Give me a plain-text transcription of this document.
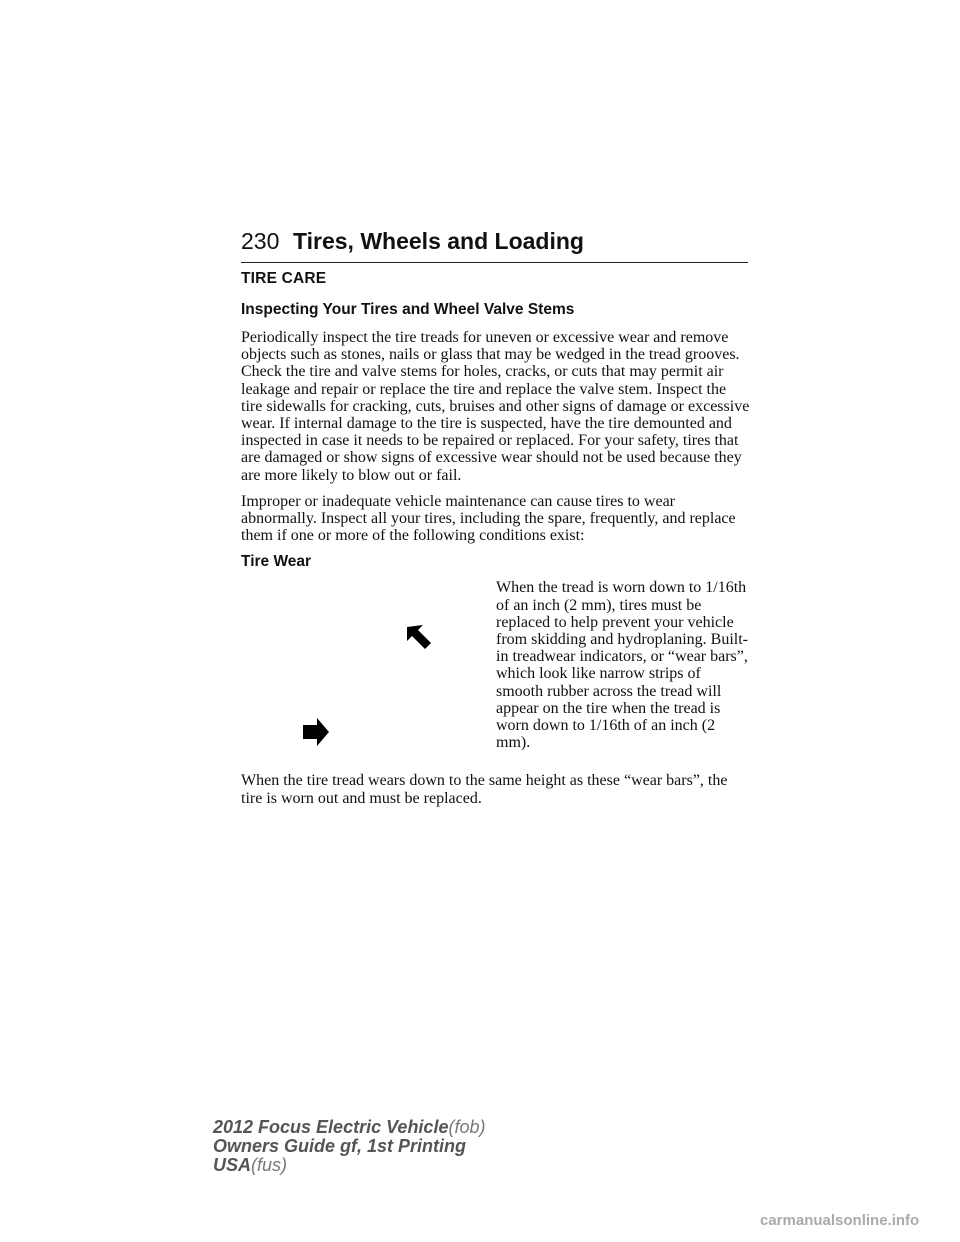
230 Tires, Wheels and Loading
TIRE CARE
Inspecting Your Tires and Wheel Valve Stems

Periodically inspect the tire treads for uneven or excessive wear and remove objects such as stones, nails or glass that may be wedged in the tread grooves. Check the tire and valve stems for holes, cracks, or cuts that may permit air leakage and repair or replace the tire and replace the valve stem. Inspect the tire sidewalls for cracking, cuts, bruises and other signs of damage or excessive wear. If internal damage to the tire is suspected, have the tire demounted and inspected in case it needs to be repaired or replaced. For your safety, tires that are damaged or show signs of excessive wear should not be used because they are more likely to blow out or fail.

Improper or inadequate vehicle maintenance can cause tires to wear abnormally. Inspect all your tires, including the spare, frequently, and replace them if one or more of the following conditions exist:

Tire Wear

When the tread is worn down to 1/16th of an inch (2 mm), tires must be replaced to help prevent your vehicle from skidding and hydroplaning. Built-in treadwear indicators, or “wear bars”, which look like narrow strips of smooth rubber across the tread will appear on the tire when the tread is worn down to 1/16th of an inch (2 mm).

When the tire tread wears down to the same height as these “wear bars”, the tire is worn out and must be replaced.

2012 Focus Electric Vehicle(fob)
Owners Guide gf, 1st Printing
USA(fus)
carmanualsonline.info
